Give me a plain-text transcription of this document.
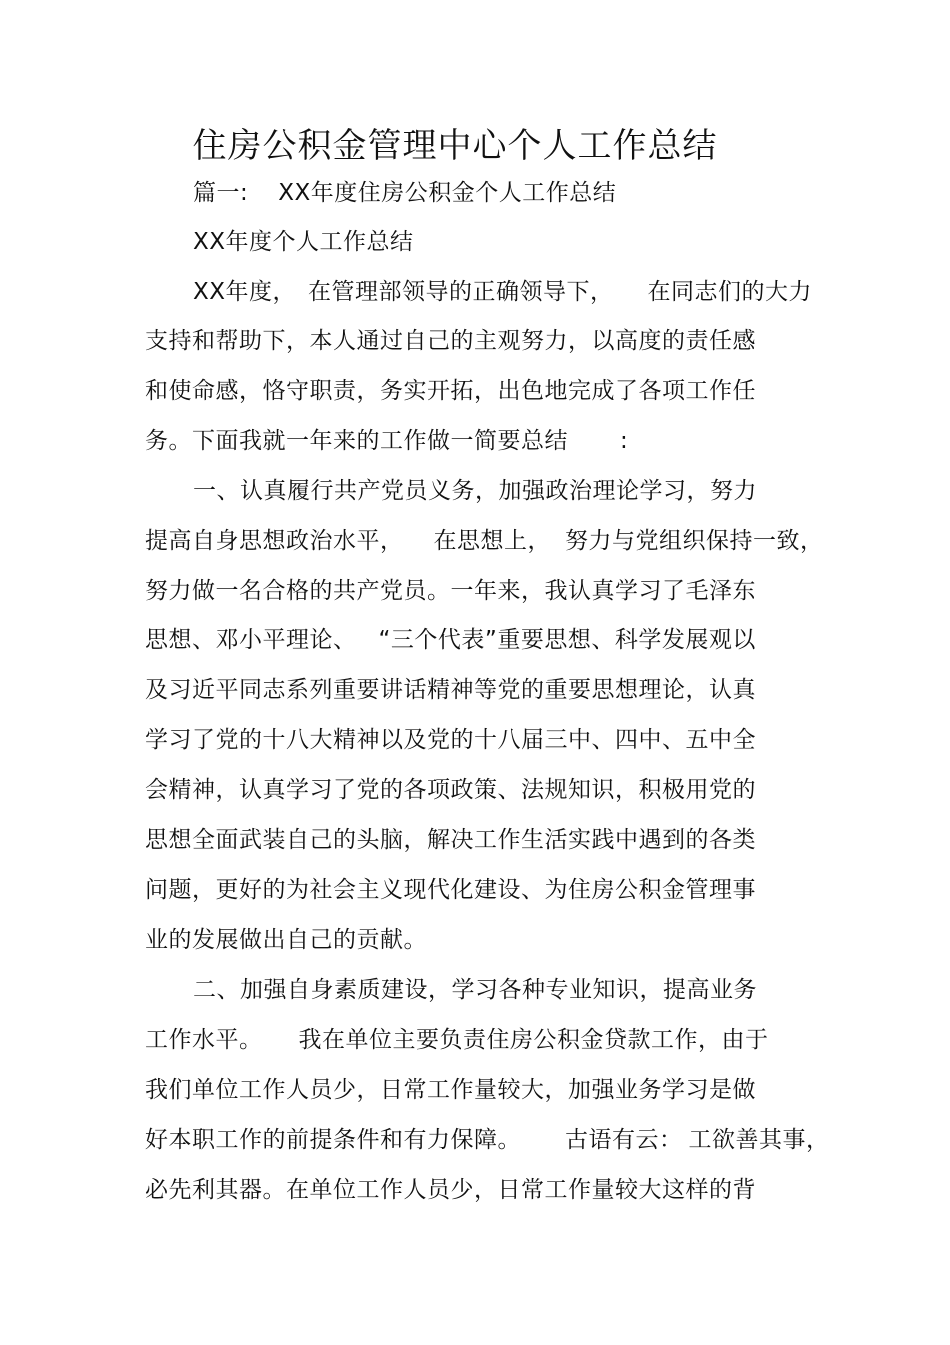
住房公积金管理中心个人工作总结
篇一: XX年度住房公积金个人工作总结
XX年度个人工作总结
XX年度， 在管理部领导的正确领导下， 在同志们的大力
支持和帮助下，本人通过自己的主观努力，以高度的责任感
和使命感，恪守职责，务实开拓，出色地完成了各项工作任
务。下面我就一年来的工作做一简要总结 :
一、认真履行共产党员义务，加强政治理论学习，努力
提高自身思想政治水平， 在思想上， 努力与党组织保持一致，
努力做一名合格的共产党员。一年来，我认真学习了毛泽东
思想、邓小平理论、 “三个代表”重要思想、科学发展观以
及习近平同志系列重要讲话精神等党的重要思想理论，认真
学习了党的十八大精神以及党的十八届三中、四中、五中全
会精神，认真学习了党的各项政策、法规知识，积极用党的
思想全面武装自己的头脑，解决工作生活实践中遇到的各类
问题，更好的为社会主义现代化建设、为住房公积金管理事
业的发展做出自己的贡献。
二、加强自身素质建设，学习各种专业知识，提高业务
工作水平。 我在单位主要负责住房公积金贷款工作，由于
我们单位工作人员少，日常工作量较大，加强业务学习是做
好本职工作的前提条件和有力保障。 古语有云： 工欲善其事，
必先利其器。在单位工作人员少，日常工作量较大这样的背
